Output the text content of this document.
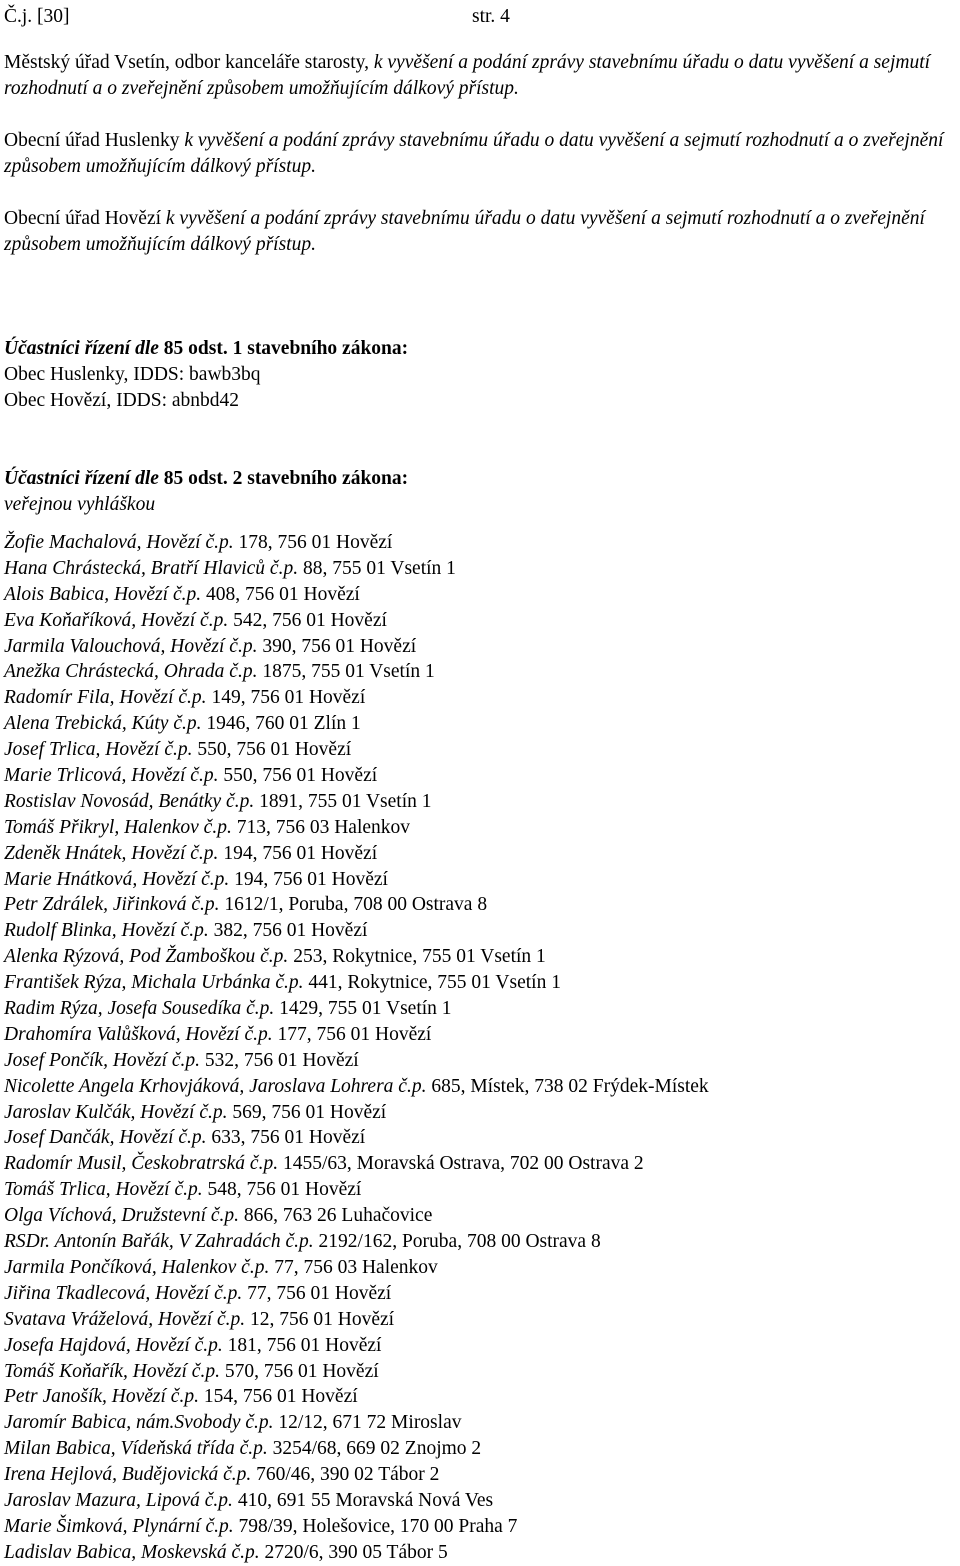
Č.j. [30]	str. 4

Městský úřad Vsetín, odbor kanceláře starosty, k vyvěšení a podání zprávy stavebnímu úřadu o datu vyvěšení a sejmutí rozhodnutí a o zveřejnění způsobem umožňujícím dálkový přístup.

Obecní úřad Huslenky k vyvěšení a podání zprávy stavebnímu úřadu o datu vyvěšení a sejmutí rozhodnutí a o zveřejnění způsobem umožňujícím dálkový přístup.

Obecní úřad Hovězí k vyvěšení a podání zprávy stavebnímu úřadu o datu vyvěšení a sejmutí rozhodnutí a o zveřejnění způsobem umožňujícím dálkový přístup.

Účastníci řízení dle 85 odst. 1 stavebního zákona:
Obec Huslenky, IDDS: bawb3bq
Obec Hovězí, IDDS: abnbd42
Účastníci řízení dle 85 odst. 2 stavebního zákona:
veřejnou vyhláškou
Žofie Machalová, Hovězí č.p. 178, 756 01 Hovězí
Hana Chrástecká, Bratří Hlaviců č.p. 88, 755 01 Vsetín 1
Alois Babica, Hovězí č.p. 408, 756 01 Hovězí
Eva Koňaříková, Hovězí č.p. 542, 756 01 Hovězí
Jarmila Valouchová, Hovězí č.p. 390, 756 01 Hovězí
Anežka Chrástecká, Ohrada č.p. 1875, 755 01 Vsetín 1
Radomír Fila, Hovězí č.p. 149, 756 01 Hovězí
Alena Trebická, Kúty č.p. 1946, 760 01 Zlín 1
Josef Trlica, Hovězí č.p. 550, 756 01 Hovězí
Marie Trlicová, Hovězí č.p. 550, 756 01 Hovězí
Rostislav Novosád, Benátky č.p. 1891, 755 01 Vsetín 1
Tomáš Přikryl, Halenkov č.p. 713, 756 03 Halenkov
Zdeněk Hnátek, Hovězí č.p. 194, 756 01 Hovězí
Marie Hnátková, Hovězí č.p. 194, 756 01 Hovězí
Petr Zdrálek, Jiřinková č.p. 1612/1, Poruba, 708 00 Ostrava 8
Rudolf Blinka, Hovězí č.p. 382, 756 01 Hovězí
Alenka Rýzová, Pod Žamboškou č.p. 253, Rokytnice, 755 01 Vsetín 1
František Rýza, Michala Urbánka č.p. 441, Rokytnice, 755 01 Vsetín 1
Radim Rýza, Josefa Sousedíka č.p. 1429, 755 01 Vsetín 1
Drahomíra Valůšková, Hovězí č.p. 177, 756 01 Hovězí
Josef Pončík, Hovězí č.p. 532, 756 01 Hovězí
Nicolette Angela Krhovjáková, Jaroslava Lohrera č.p. 685, Místek, 738 02 Frýdek-Místek
Jaroslav Kulčák, Hovězí č.p. 569, 756 01 Hovězí
Josef Dančák, Hovězí č.p. 633, 756 01 Hovězí
Radomír Musil, Českobratrská č.p. 1455/63, Moravská Ostrava, 702 00 Ostrava 2
Tomáš Trlica, Hovězí č.p. 548, 756 01 Hovězí
Olga Víchová, Družstevní č.p. 866, 763 26 Luhačovice
RSDr. Antonín Bařák, V Zahradách č.p. 2192/162, Poruba, 708 00 Ostrava 8
Jarmila Pončíková, Halenkov č.p. 77, 756 03 Halenkov
Jiřina Tkadlecová, Hovězí č.p. 77, 756 01 Hovězí
Svatava Vráželová, Hovězí č.p. 12, 756 01 Hovězí
Josefa Hajdová, Hovězí č.p. 181, 756 01 Hovězí
Tomáš Koňařík, Hovězí č.p. 570, 756 01 Hovězí
Petr Janošík, Hovězí č.p. 154, 756 01 Hovězí
Jaromír Babica, nám.Svobody č.p. 12/12, 671 72 Miroslav
Milan Babica, Vídeňská třída č.p. 3254/68, 669 02 Znojmo 2
Irena Hejlová, Budějovická č.p. 760/46, 390 02 Tábor 2
Jaroslav Mazura, Lipová č.p. 410, 691 55 Moravská Nová Ves
Marie Šimková, Plynární č.p. 798/39, Holešovice, 170 00 Praha 7
Ladislav Babica, Moskevská č.p. 2720/6, 390 05 Tábor 5
